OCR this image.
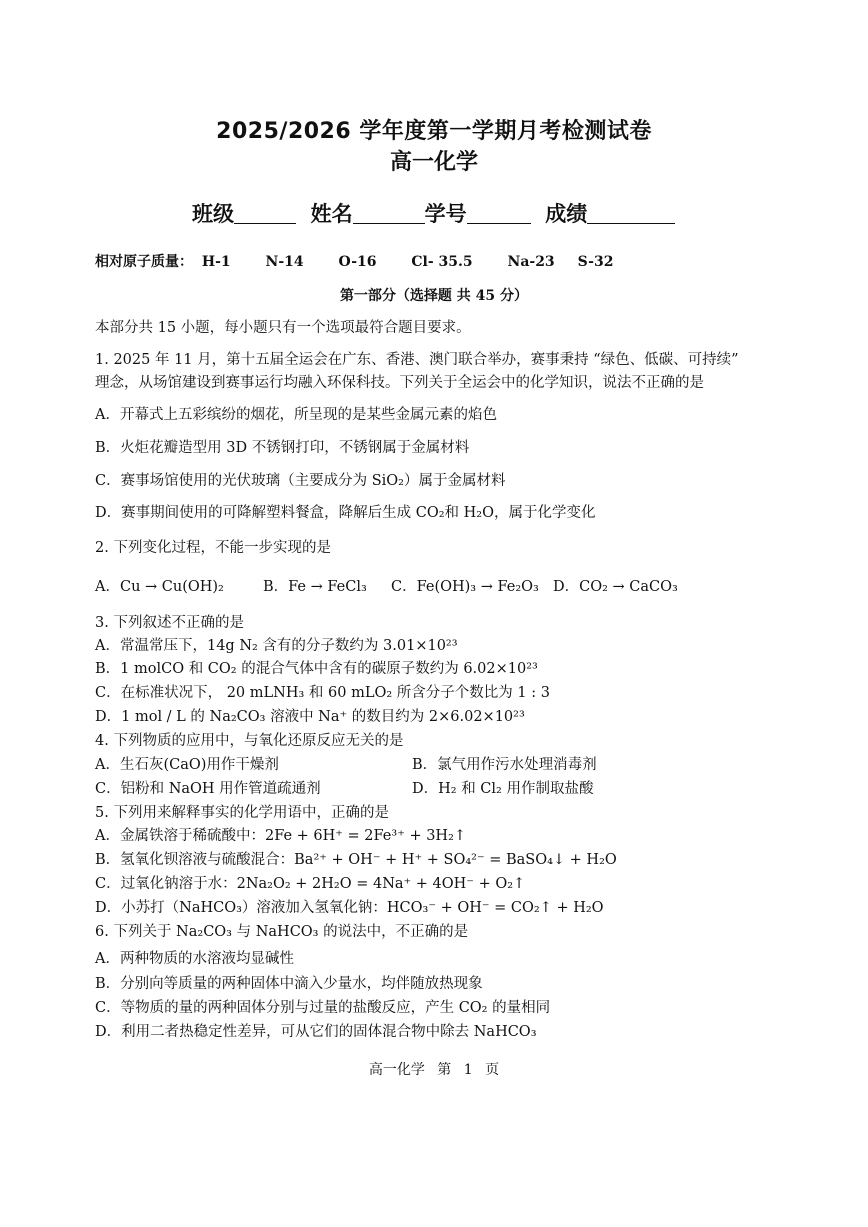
2025/2026 学年度第一学期月考检测试卷
高一化学
班级	姓名	学号	成绩
相对原子质量： H-1 N-14 O-16 Cl- 35.5 Na-23 S-32
第一部分（选择题 共 45 分）
本部分共 15 小题，每小题只有一个选项最符合题目要求。
1. 2025 年 11 月，第十五届全运会在广东、香港、澳门联合举办，赛事秉持 “绿色、低碳、可持续”
理念，从场馆建设到赛事运行均融入环保科技。下列关于全运会中的化学知识，说法不正确的是
A．开幕式上五彩缤纷的烟花，所呈现的是某些金属元素的焰色
B．火炬花瓣造型用 3D 不锈钢打印，不锈钢属于金属材料
C．赛事场馆使用的光伏玻璃（主要成分为 SiO₂）属于金属材料
D．赛事期间使用的可降解塑料餐盒，降解后生成 CO₂和 H₂O，属于化学变化
2. 下列变化过程，不能一步实现的是
A．Cu → Cu(OH)₂	B．Fe → FeCl₃ C．Fe(OH)₃ → Fe₂O₃ D．CO₂ → CaCO₃
3. 下列叙述不正确的是
A．常温常压下，14g N₂ 含有的分子数约为 3.01×10²³
B．1 molCO 和 CO₂ 的混合气体中含有的碳原子数约为 6.02×10²³
C．在标准状况下， 20 mLNH₃ 和 60 mLO₂ 所含分子个数比为 1 : 3
D．1 mol / L 的 Na₂CO₃ 溶液中 Na⁺ 的数目约为 2×6.02×10²³
4. 下列物质的应用中，与氧化还原反应无关的是
A．生石灰(CaO)用作干燥剂	B．氯气用作污水处理消毒剂
C．铝粉和 NaOH 用作管道疏通剂	D．H₂ 和 Cl₂ 用作制取盐酸
5. 下列用来解释事实的化学用语中，正确的是
A．金属铁溶于稀硫酸中：2Fe + 6H⁺ = 2Fe³⁺ + 3H₂↑
B．氢氧化钡溶液与硫酸混合：Ba²⁺ + OH⁻ + H⁺ + SO₄²⁻ = BaSO₄↓ + H₂O
C．过氧化钠溶于水：2Na₂O₂ + 2H₂O = 4Na⁺ + 4OH⁻ + O₂↑
D．小苏打（NaHCO₃）溶液加入氢氧化钠：HCO₃⁻ + OH⁻ = CO₂↑ + H₂O
6. 下列关于 Na₂CO₃ 与 NaHCO₃ 的说法中，不正确的是
A．两种物质的水溶液均显碱性
B．分别向等质量的两种固体中滴入少量水，均伴随放热现象
C．等物质的量的两种固体分别与过量的盐酸反应，产生 CO₂ 的量相同
D．利用二者热稳定性差异，可从它们的固体混合物中除去 NaHCO₃
高一化学 第 1 页
